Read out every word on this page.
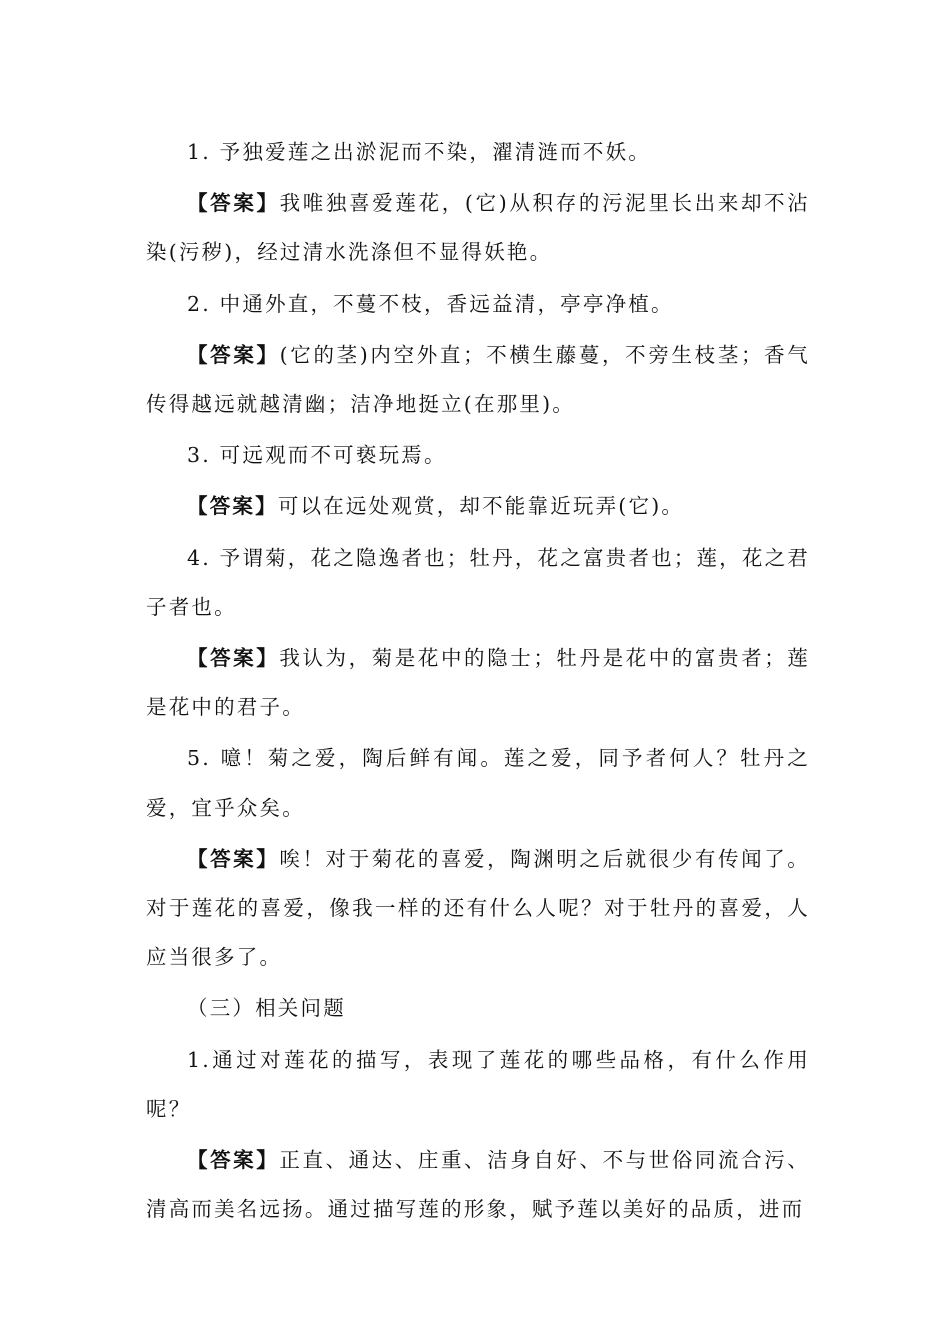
1. 予独爱莲之出淤泥而不染，濯清涟而不妖。

【答案】我唯独喜爱莲花，(它)从积存的污泥里长出来却不沾染(污秽)，经过清水洗涤但不显得妖艳。

2. 中通外直，不蔓不枝，香远益清，亭亭净植。

【答案】(它的茎)内空外直；不横生藤蔓，不旁生枝茎；香气传得越远就越清幽；洁净地挺立(在那里)。

3. 可远观而不可亵玩焉。

【答案】可以在远处观赏，却不能靠近玩弄(它)。

4. 予谓菊，花之隐逸者也；牡丹，花之富贵者也；莲，花之君子者也。

【答案】我认为，菊是花中的隐士；牡丹是花中的富贵者；莲是花中的君子。

5. 噫！菊之爱，陶后鲜有闻。莲之爱，同予者何人？牡丹之爱，宜乎众矣。

【答案】唉！对于菊花的喜爱，陶渊明之后就很少有传闻了。对于莲花的喜爱，像我一样的还有什么人呢？对于牡丹的喜爱，人应当很多了。

（三）相关问题

1.通过对莲花的描写，表现了莲花的哪些品格，有什么作用呢？

【答案】正直、通达、庄重、洁身自好、不与世俗同流合污、清高而美名远扬。通过描写莲的形象，赋予莲以美好的品质，进而
